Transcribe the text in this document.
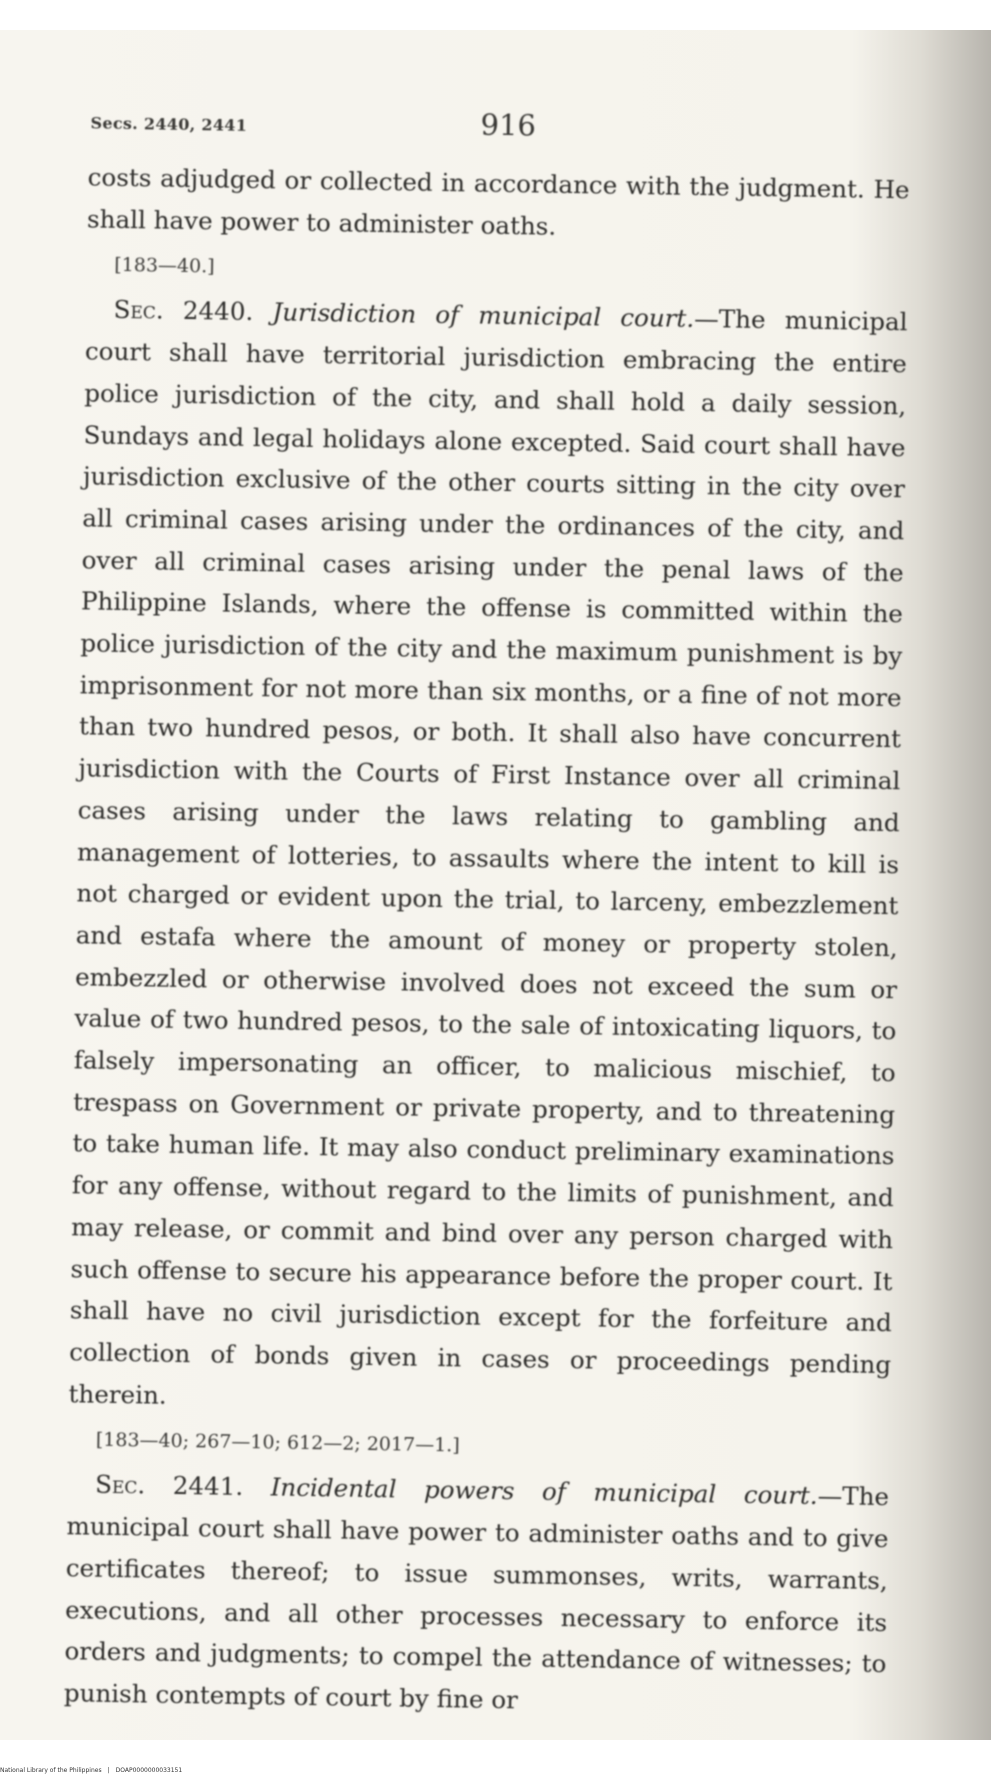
Secs. 2440, 2441	916

costs adjudged or collected in accordance with the judgment. He shall have power to administer oaths.

[183—40.]

Sec. 2440. Jurisdiction of municipal court.—The municipal court shall have territorial jurisdiction embracing the entire police jurisdiction of the city, and shall hold a daily session, Sundays and legal holidays alone excepted. Said court shall have jurisdiction exclusive of the other courts sitting in the city over all criminal cases arising under the ordinances of the city, and over all criminal cases arising under the penal laws of the Philippine Islands, where the offense is committed within the police jurisdiction of the city and the maximum punishment is by imprisonment for not more than six months, or a fine of not more than two hundred pesos, or both. It shall also have concurrent jurisdiction with the Courts of First Instance over all criminal cases arising under the laws relating to gambling and management of lotteries, to assaults where the intent to kill is not charged or evident upon the trial, to larceny, embezzlement and estafa where the amount of money or property stolen, embezzled or otherwise involved does not exceed the sum or value of two hundred pesos, to the sale of intoxicating liquors, to falsely impersonating an officer, to malicious mischief, to trespass on Government or private property, and to threatening to take human life. It may also conduct preliminary examinations for any offense, without regard to the limits of punishment, and may release, or commit and bind over any person charged with such offense to secure his appearance before the proper court. It shall have no civil jurisdiction except for the forfeiture and collection of bonds given in cases or proceedings pending therein.

[183—40; 267—10; 612—2; 2017—1.]

Sec. 2441. Incidental powers of municipal court.—The municipal court shall have power to administer oaths and to give certificates thereof; to issue summonses, writs, warrants, executions, and all other processes necessary to enforce its orders and judgments; to compel the attendance of witnesses; to punish contempts of court by fine or

National Library of the Philippines | DOAP0000000033151
